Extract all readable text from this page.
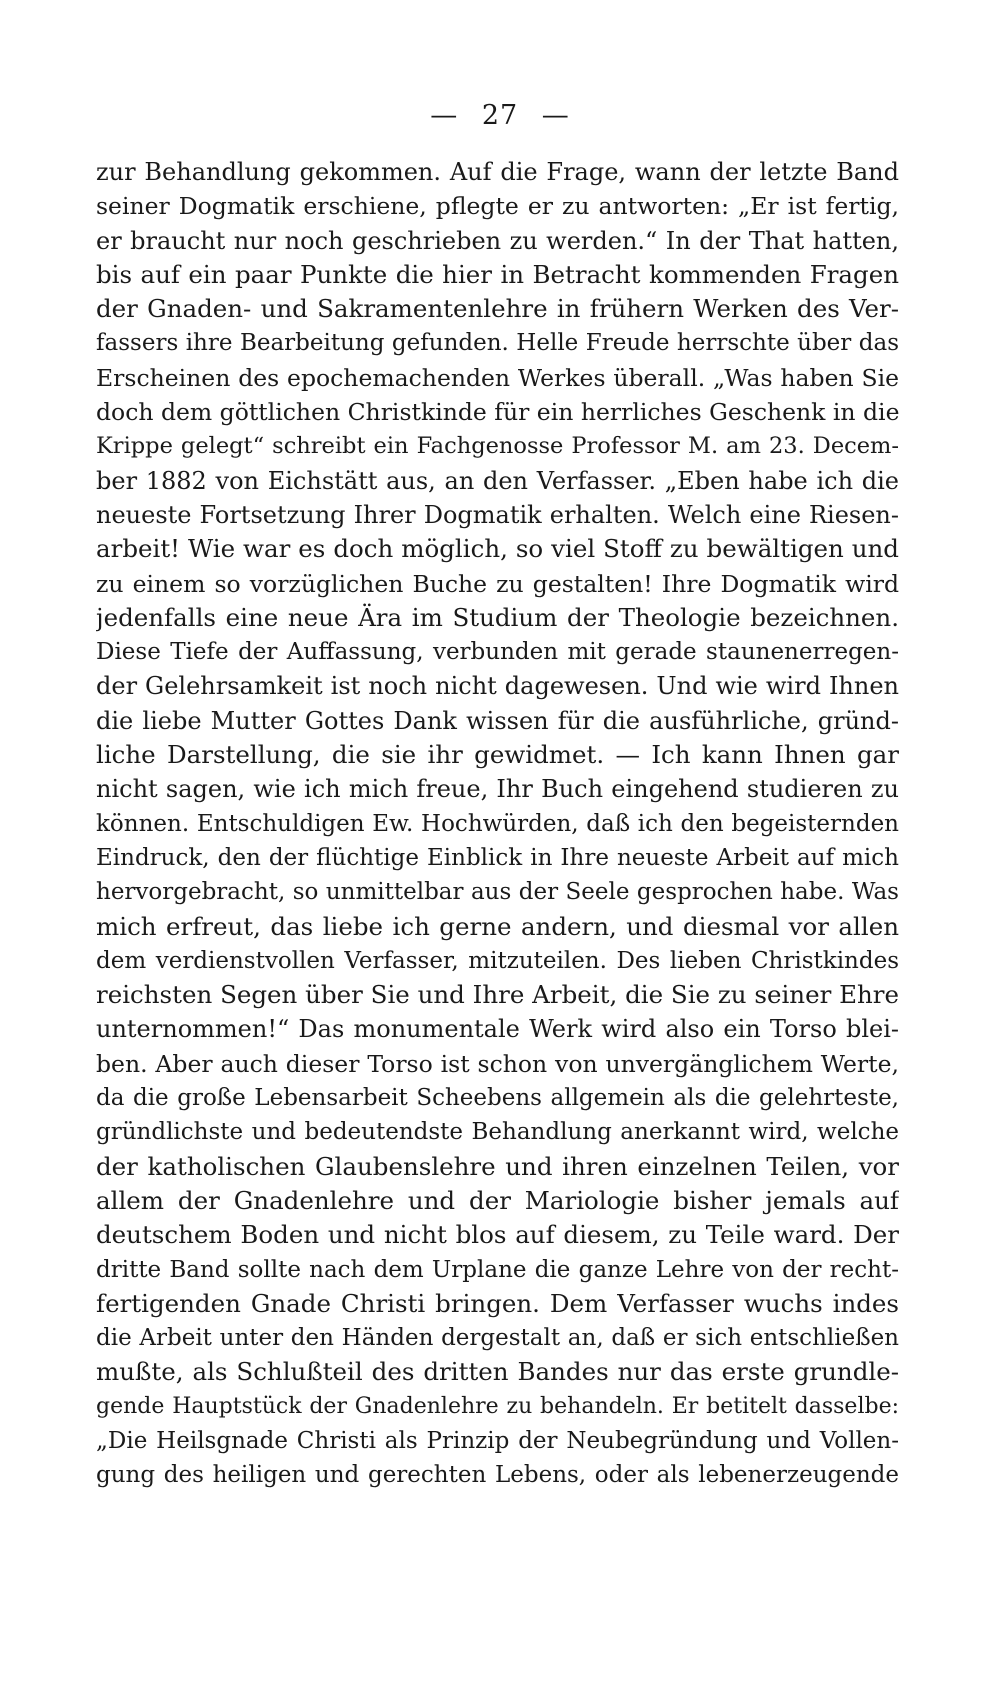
— 27 —
zur Behandlung gekommen. Auf die Frage, wann der letzte Band
seiner Dogmatik erschiene, pflegte er zu antworten: „Er ist fertig,
er braucht nur noch geschrieben zu werden.“ In der That hatten,
bis auf ein paar Punkte die hier in Betracht kommenden Fragen
der Gnaden- und Sakramentenlehre in frühern Werken des Ver-
fassers ihre Bearbeitung gefunden. Helle Freude herrschte über das
Erscheinen des epochemachenden Werkes überall. „Was haben Sie
doch dem göttlichen Christkinde für ein herrliches Geschenk in die
Krippe gelegt“ schreibt ein Fachgenosse Professor M. am 23. Decem-
ber 1882 von Eichstätt aus, an den Verfasser. „Eben habe ich die
neueste Fortsetzung Ihrer Dogmatik erhalten. Welch eine Riesen-
arbeit! Wie war es doch möglich, so viel Stoff zu bewältigen und
zu einem so vorzüglichen Buche zu gestalten! Ihre Dogmatik wird
jedenfalls eine neue Ära im Studium der Theologie bezeichnen.
Diese Tiefe der Auffassung, verbunden mit gerade staunenerregen-
der Gelehrsamkeit ist noch nicht dagewesen. Und wie wird Ihnen
die liebe Mutter Gottes Dank wissen für die ausführliche, gründ-
liche Darstellung, die sie ihr gewidmet. — Ich kann Ihnen gar
nicht sagen, wie ich mich freue, Ihr Buch eingehend studieren zu
können. Entschuldigen Ew. Hochwürden, daß ich den begeisternden
Eindruck, den der flüchtige Einblick in Ihre neueste Arbeit auf mich
hervorgebracht, so unmittelbar aus der Seele gesprochen habe. Was
mich erfreut, das liebe ich gerne andern, und diesmal vor allen
dem verdienstvollen Verfasser, mitzuteilen. Des lieben Christkindes
reichsten Segen über Sie und Ihre Arbeit, die Sie zu seiner Ehre
unternommen!“ Das monumentale Werk wird also ein Torso blei-
ben. Aber auch dieser Torso ist schon von unvergänglichem Werte,
da die große Lebensarbeit Scheebens allgemein als die gelehrteste,
gründlichste und bedeutendste Behandlung anerkannt wird, welche
der katholischen Glaubenslehre und ihren einzelnen Teilen, vor
allem der Gnadenlehre und der Mariologie bisher jemals auf
deutschem Boden und nicht blos auf diesem, zu Teile ward. Der
dritte Band sollte nach dem Urplane die ganze Lehre von der recht-
fertigenden Gnade Christi bringen. Dem Verfasser wuchs indes
die Arbeit unter den Händen dergestalt an, daß er sich entschließen
mußte, als Schlußteil des dritten Bandes nur das erste grundle-
gende Hauptstück der Gnadenlehre zu behandeln. Er betitelt dasselbe:
„Die Heilsgnade Christi als Prinzip der Neubegründung und Vollen-
gung des heiligen und gerechten Lebens, oder als lebenerzeugende
